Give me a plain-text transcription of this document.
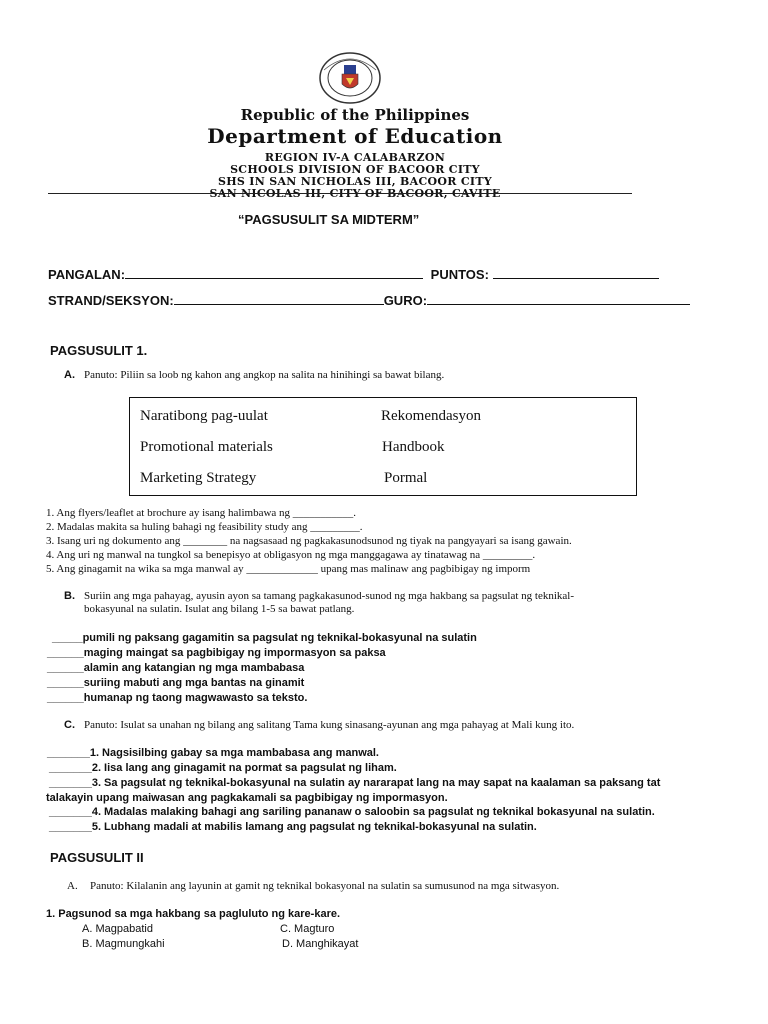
Republic of the Philippines
Department of Education
REGION IV-A CALABARZON
SCHOOLS DIVISION OF BACOOR CITY
SHS IN SAN NICHOLAS III, BACOOR CITY
SAN NICOLAS III, CITY OF BACOOR, CAVITE
“PAGSUSULIT SA MIDTERM”
PANGALAN:	PUNTOS:
STRAND/SEKSYON:	GURO:
PAGSUSULIT 1.
A. Panuto: Piliin sa loob ng kahon ang angkop na salita na hinihingi sa bawat bilang.
Naratibong pag-uulat	Rekomendasyon
Promotional materials	Handbook
Marketing Strategy	Pormal
1. Ang flyers/leaflet at brochure ay isang halimbawa ng ___________.
2. Madalas makita sa huling bahagi ng feasibility study ang _________.
3. Isang uri ng dokumento ang ________ na nagsasaad ng pagkakasunodsunod ng tiyak na pangyayari sa isang gawain.
4. Ang uri ng manwal na tungkol sa benepisyo at obligasyon ng mga manggagawa ay tinatawag na _________.
5. Ang ginagamit na wika sa mga manwal ay _____________ upang mas malinaw ang pagbibigay ng imporm
B. Suriin ang mga pahayag, ayusin ayon sa tamang pagkakasunod-sunod ng mga hakbang sa pagsulat ng teknikal-
bokasyunal na sulatin. Isulat ang bilang 1-5 sa bawat patlang.
_____pumili ng paksang gagamitin sa pagsulat ng teknikal-bokasyunal na sulatin
______maging maingat sa pagbibigay ng impormasyon sa paksa
______alamin ang katangian ng mga mambabasa
______suriing mabuti ang mga bantas na ginamit
______humanap ng taong magwawasto sa teksto.
C. Panuto: Isulat sa unahan ng bilang ang salitang Tama kung sinasang-ayunan ang mga pahayag at Mali kung ito.
_______1. Nagsisilbing gabay sa mga mambabasa ang manwal.
_______2. Iisa lang ang ginagamit na pormat sa pagsulat ng liham.
_______3. Sa pagsulat ng teknikal-bokasyunal na sulatin ay nararapat lang na may sapat na kaalaman sa paksang tat
talakayin upang maiwasan ang pagkakamali sa pagbibigay ng impormasyon.
_______4. Madalas malaking bahagi ang sariling pananaw o saloobin sa pagsulat ng teknikal bokasyunal na sulatin.
_______5. Lubhang madali at mabilis lamang ang pagsulat ng teknikal-bokasyunal na sulatin.
PAGSUSULIT II
A. Panuto: Kilalanin ang layunin at gamit ng teknikal bokasyonal na sulatin sa sumusunod na mga sitwasyon.
1. Pagsunod sa mga hakbang sa pagluluto ng kare-kare.
A. Magpabatid	C. Magturo
B. Magmungkahi	D. Manghikayat
